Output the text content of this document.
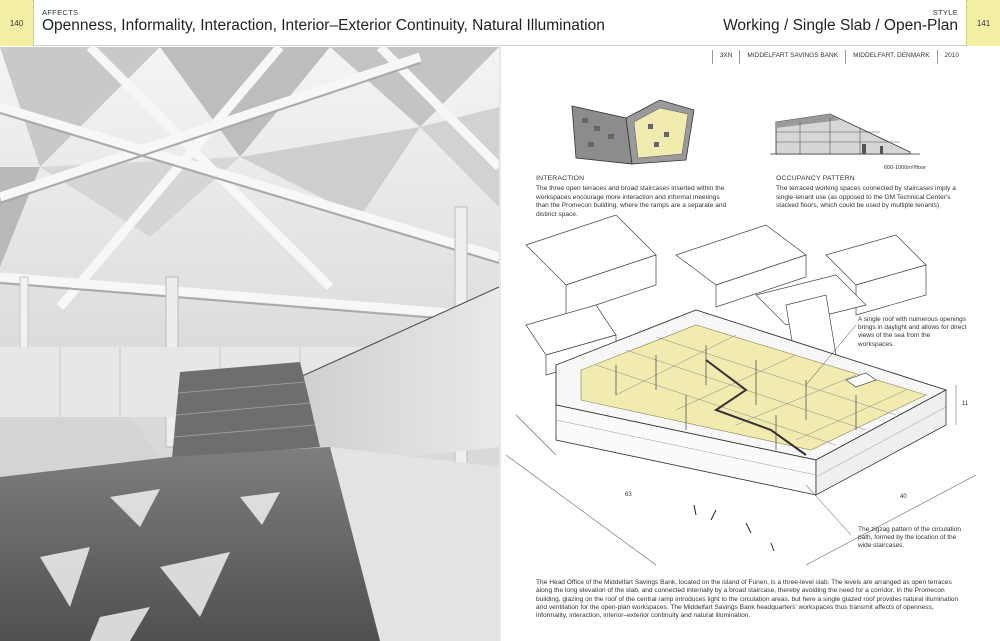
140
AFFECTS
Openness, Informality, Interaction, Interior–Exterior Continuity, Natural Illumination
STYLE
Working / Single Slab / Open-Plan	141
3XN	MIDDELFART SAVINGS BANK	MIDDELFART, DENMARK	2010
600-1000m²/floor
INTERACTION
The three open terraces and broad staircases inserted within the workspaces encourage more interaction and informal meetings than the Promecon building, where the ramps are a separate and distinct space.
OCCUPANCY PATTERN
The terraced working spaces connected by staircases imply a single-tenant use (as opposed to the GM Technical Center's stacked floors, which could be used by multiple tenants).
A single roof with numerous openings brings in daylight and allows for direct views of the sea from the workspaces.
The zigzag pattern of the circulation path, formed by the location of the wide staircases.
63	40
11
The Head Office of the Middelfart Savings Bank, located on the island of Funen, is a three-level slab. The levels are arranged as open terraces along the long elevation of the slab, and connected internally by a broad staircase, thereby avoiding the need for a corridor. In the Promecon building, glazing on the roof of the central ramp introduces light to the circulation areas, but here a single glazed roof provides natural illumination and ventilation for the open-plan workspaces. The Middelfart Savings Bank headquarters' workspaces thus transmit affects of openness, informality, interaction, interior–exterior continuity and natural illumination.
